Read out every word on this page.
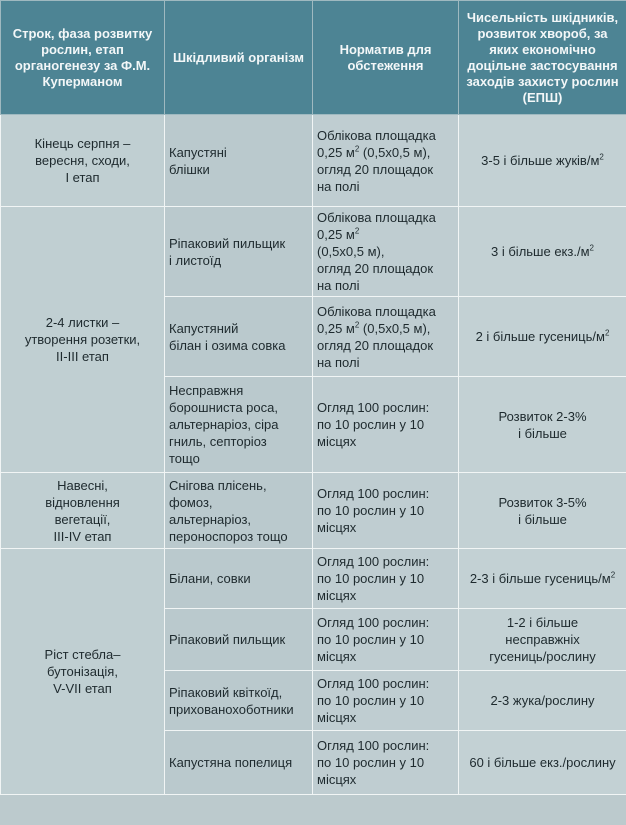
Строк, фаза розвитку рослин, етап органогенезу за Ф.М. Куперманом	Шкідливий організм	Норматив для обстеження	Чисельність шкідників, розвиток хвороб, за яких економічно доцільне застосування заходів захисту рослин (ЕПШ)

Кінець серпня –
вересня, сходи,
І етап	Капустяні
блішки	Облікова площадка
0,25 $м^2$ (0,5х0,5 м),
огляд 20 площадок
на полі	3-5 і більше жуків/$м^2$

2-4 листки –
утворення розетки,
ІІ-ІІІ етап	Ріпаковий пильщик
і листоїд	Облікова площадка
0,25 $м^2$
(0,5х0,5 м),
огляд 20 площадок
на полі	3 і більше $екз./м^2$

	Капустяний
білан і озима совка	Облікова площадка
0,25 $м^2$ (0,5х0,5 м),
огляд 20 площадок
на полі	2 і більше гусениць/$м^2$

	Несправжня
борошниста роса,
альтернаріоз, сіра
гниль, септоріоз
тощо	Огляд 100 рослин:
по 10 рослин у 10
місцях	Розвиток 2-3%
і більше

Навесні,
відновлення
вегетації,
ІІІ-IV етап	Снігова плісень,
фомоз,
альтернаріоз,
пероноспороз тощо	Огляд 100 рослин:
по 10 рослин у 10
місцях	Розвиток 3-5%
і більше

Ріст стебла–
бутонізація,
V-VII етап	Білани, совки	Огляд 100 рослин:
по 10 рослин у 10
місцях	2-3 і більше гусениць/$м^2$

	Ріпаковий пильщик	Огляд 100 рослин:
по 10 рослин у 10
місцях	1-2 і більше
несправжніх
гусениць/рослину

	Ріпаковий квіткоїд,
прихованохоботники	Огляд 100 рослин:
по 10 рослин у 10
місцях	2-3 жука/рослину

	Капустяна попелиця	Огляд 100 рослин:
по 10 рослин у 10
місцях	60 і більше екз./рослину
